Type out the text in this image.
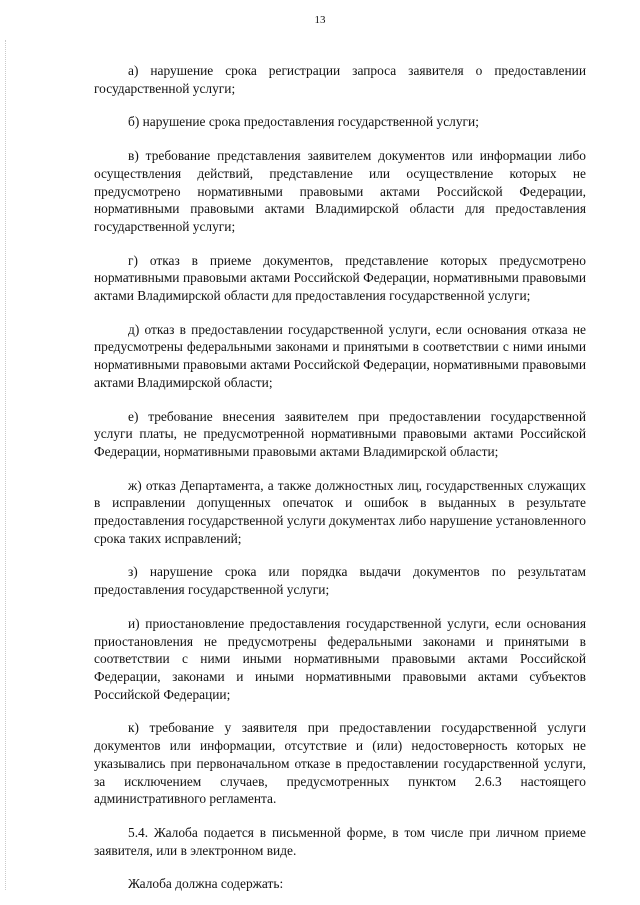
13

а) нарушение срока регистрации запроса заявителя о предоставлении государственной услуги;

б) нарушение срока предоставления государственной услуги;

в) требование представления заявителем документов или информации либо осуществления действий, представление или осуществление которых не предусмотрено нормативными правовыми актами Российской Федерации, нормативными правовыми актами Владимирской области для предоставления государственной услуги;

г) отказ в приеме документов, представление которых предусмотрено нормативными правовыми актами Российской Федерации, нормативными правовыми актами Владимирской области для предоставления государственной услуги;

д) отказ в предоставлении государственной услуги, если основания отказа не предусмотрены федеральными законами и принятыми в соответствии с ними иными нормативными правовыми актами Российской Федерации, нормативными правовыми актами Владимирской области;

е) требование внесения заявителем при предоставлении государственной услуги платы, не предусмотренной нормативными правовыми актами Российской Федерации, нормативными правовыми актами Владимирской области;

ж) отказ Департамента, а также должностных лиц, государственных служащих в исправлении допущенных опечаток и ошибок в выданных в результате предоставления государственной услуги документах либо нарушение установленного срока таких исправлений;

з) нарушение срока или порядка выдачи документов по результатам предоставления государственной услуги;

и) приостановление предоставления государственной услуги, если основания приостановления не предусмотрены федеральными законами и принятыми в соответствии с ними иными нормативными правовыми актами Российской Федерации, законами и иными нормативными правовыми актами субъектов Российской Федерации;

к) требование у заявителя при предоставлении государственной услуги документов или информации, отсутствие и (или) недостоверность которых не указывались при первоначальном отказе в предоставлении государственной услуги, за исключением случаев, предусмотренных пунктом 2.6.3 настоящего административного регламента.

5.4. Жалоба подается в письменной форме, в том числе при личном приеме заявителя, или в электронном виде.

Жалоба должна содержать:
